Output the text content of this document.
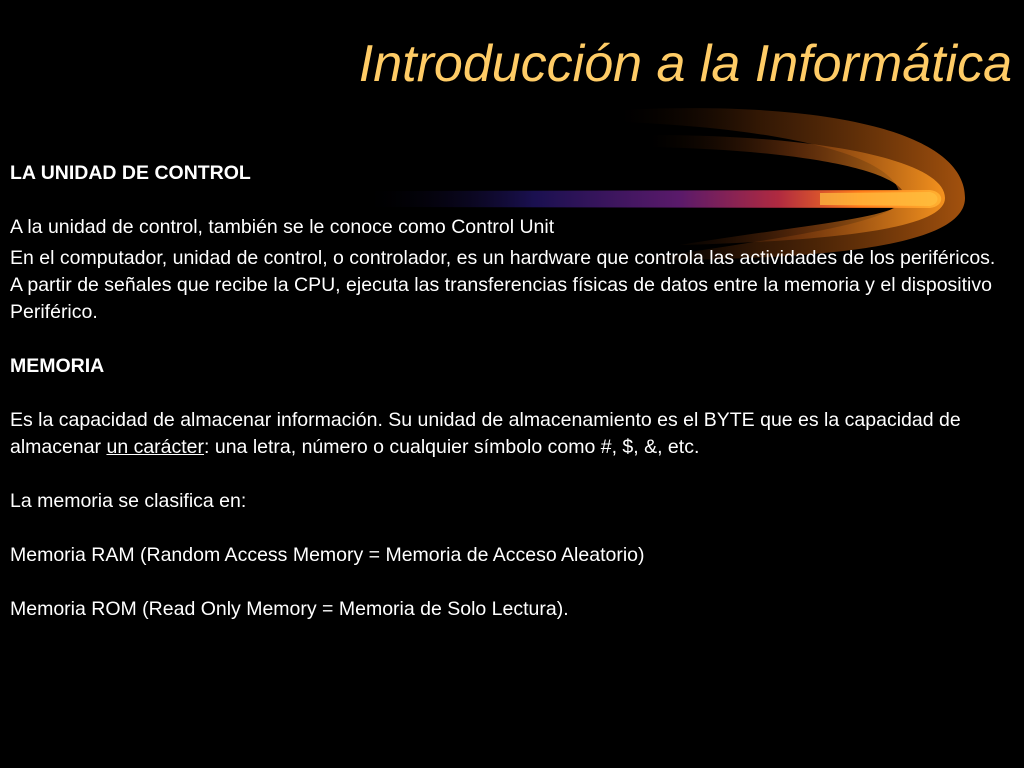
Introducción a la Informática

LA UNIDAD DE CONTROL

A la unidad de control, también se le conoce como Control Unit

En el computador, unidad de control, o controlador, es un hardware que controla las actividades de los periféricos. A partir de señales que recibe la CPU, ejecuta las transferencias físicas de datos entre la memoria y el dispositivo Periférico.

MEMORIA

Es la capacidad de almacenar información. Su unidad de almacenamiento es el BYTE que es la capacidad de almacenar un carácter: una letra, número o cualquier símbolo como #, $, &, etc.

La memoria se clasifica en:

Memoria RAM (Random Access Memory = Memoria de Acceso Aleatorio)

Memoria ROM (Read Only Memory = Memoria de Solo Lectura).
